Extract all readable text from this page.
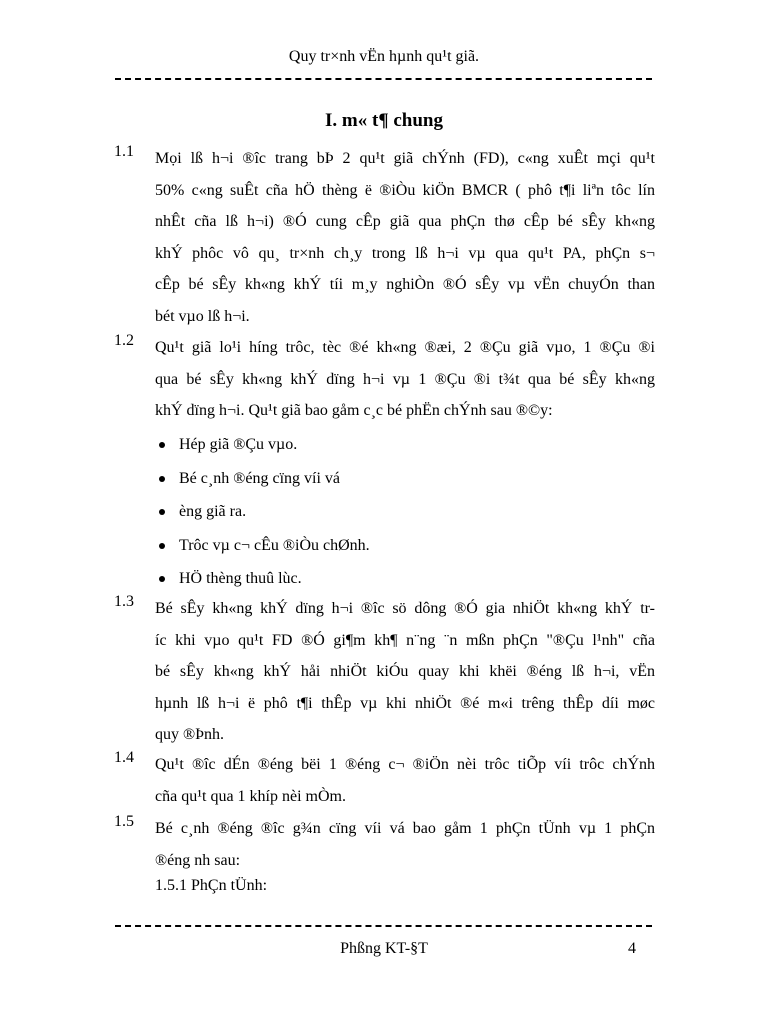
Quy tr×nh vËn hµnh qu¹t giã.
I. m« t¶ chung
1.1 Mọi lß h¬i ®îc trang bÞ 2 qu¹t giã chÝnh (FD), c«ng xuÊt mçi qu¹t
50% c«ng suÊt cña hÖ thèng ë ®iÒu kiÖn BMCR ( phô t¶i liªn tôc lín
nhÊt cña lß h¬i) ®Ó cung cÊp giã qua phÇn thø cÊp bé sÊy kh«ng
khÝ phôc vô qu¸ tr×nh ch¸y trong lß h¬i vµ qua qu¹t PA, phÇn s¬
cÊp bé sÊy kh«ng khÝ tíi m¸y nghiÒn ®Ó sÊy vµ vËn chuyÓn than
bét vµo lß h¬i.
1.2 Qu¹t giã lo¹i híng trôc, tèc ®é kh«ng ®æi, 2 ®Çu giã vµo, 1 ®Çu ®i
qua bé sÊy kh«ng khÝ dïng h¬i vµ 1 ®Çu ®i t¾t qua bé sÊy kh«ng
khÝ dïng h¬i. Qu¹t giã bao gåm c¸c bé phËn chÝnh sau ®©y:
Hép giã ®Çu vµo.
Bé c¸nh ®éng cïng víi vá
èng giã ra.
Trôc vµ c¬ cÊu ®iÒu chØnh.
HÖ thèng thuû lùc.
1.3 Bé sÊy kh«ng khÝ dïng h¬i ®îc sö dông ®Ó gia nhiÖt kh«ng khÝ tr-
íc khi vµo qu¹t FD ®Ó gi¶m kh¶ n¨ng ¨n mßn phÇn "®Çu l¹nh" cña
bé sÊy kh«ng khÝ håi nhiÖt kiÓu quay khi khëi ®éng lß h¬i, vËn
hµnh lß h¬i ë phô t¶i thÊp vµ khi nhiÖt ®é m«i trêng thÊp díi møc
quy ®Þnh.
1.4 Qu¹t ®îc dÉn ®éng bëi 1 ®éng c¬ ®iÖn nèi trôc tiÕp víi trôc chÝnh
cña qu¹t qua 1 khíp nèi mÒm.
1.5 Bé c¸nh ®éng ®îc g¾n cïng víi vá bao gåm 1 phÇn tÜnh vµ 1 phÇn
®éng nh sau:
1.5.1 PhÇn tÜnh:
Phßng KT-§T	4
